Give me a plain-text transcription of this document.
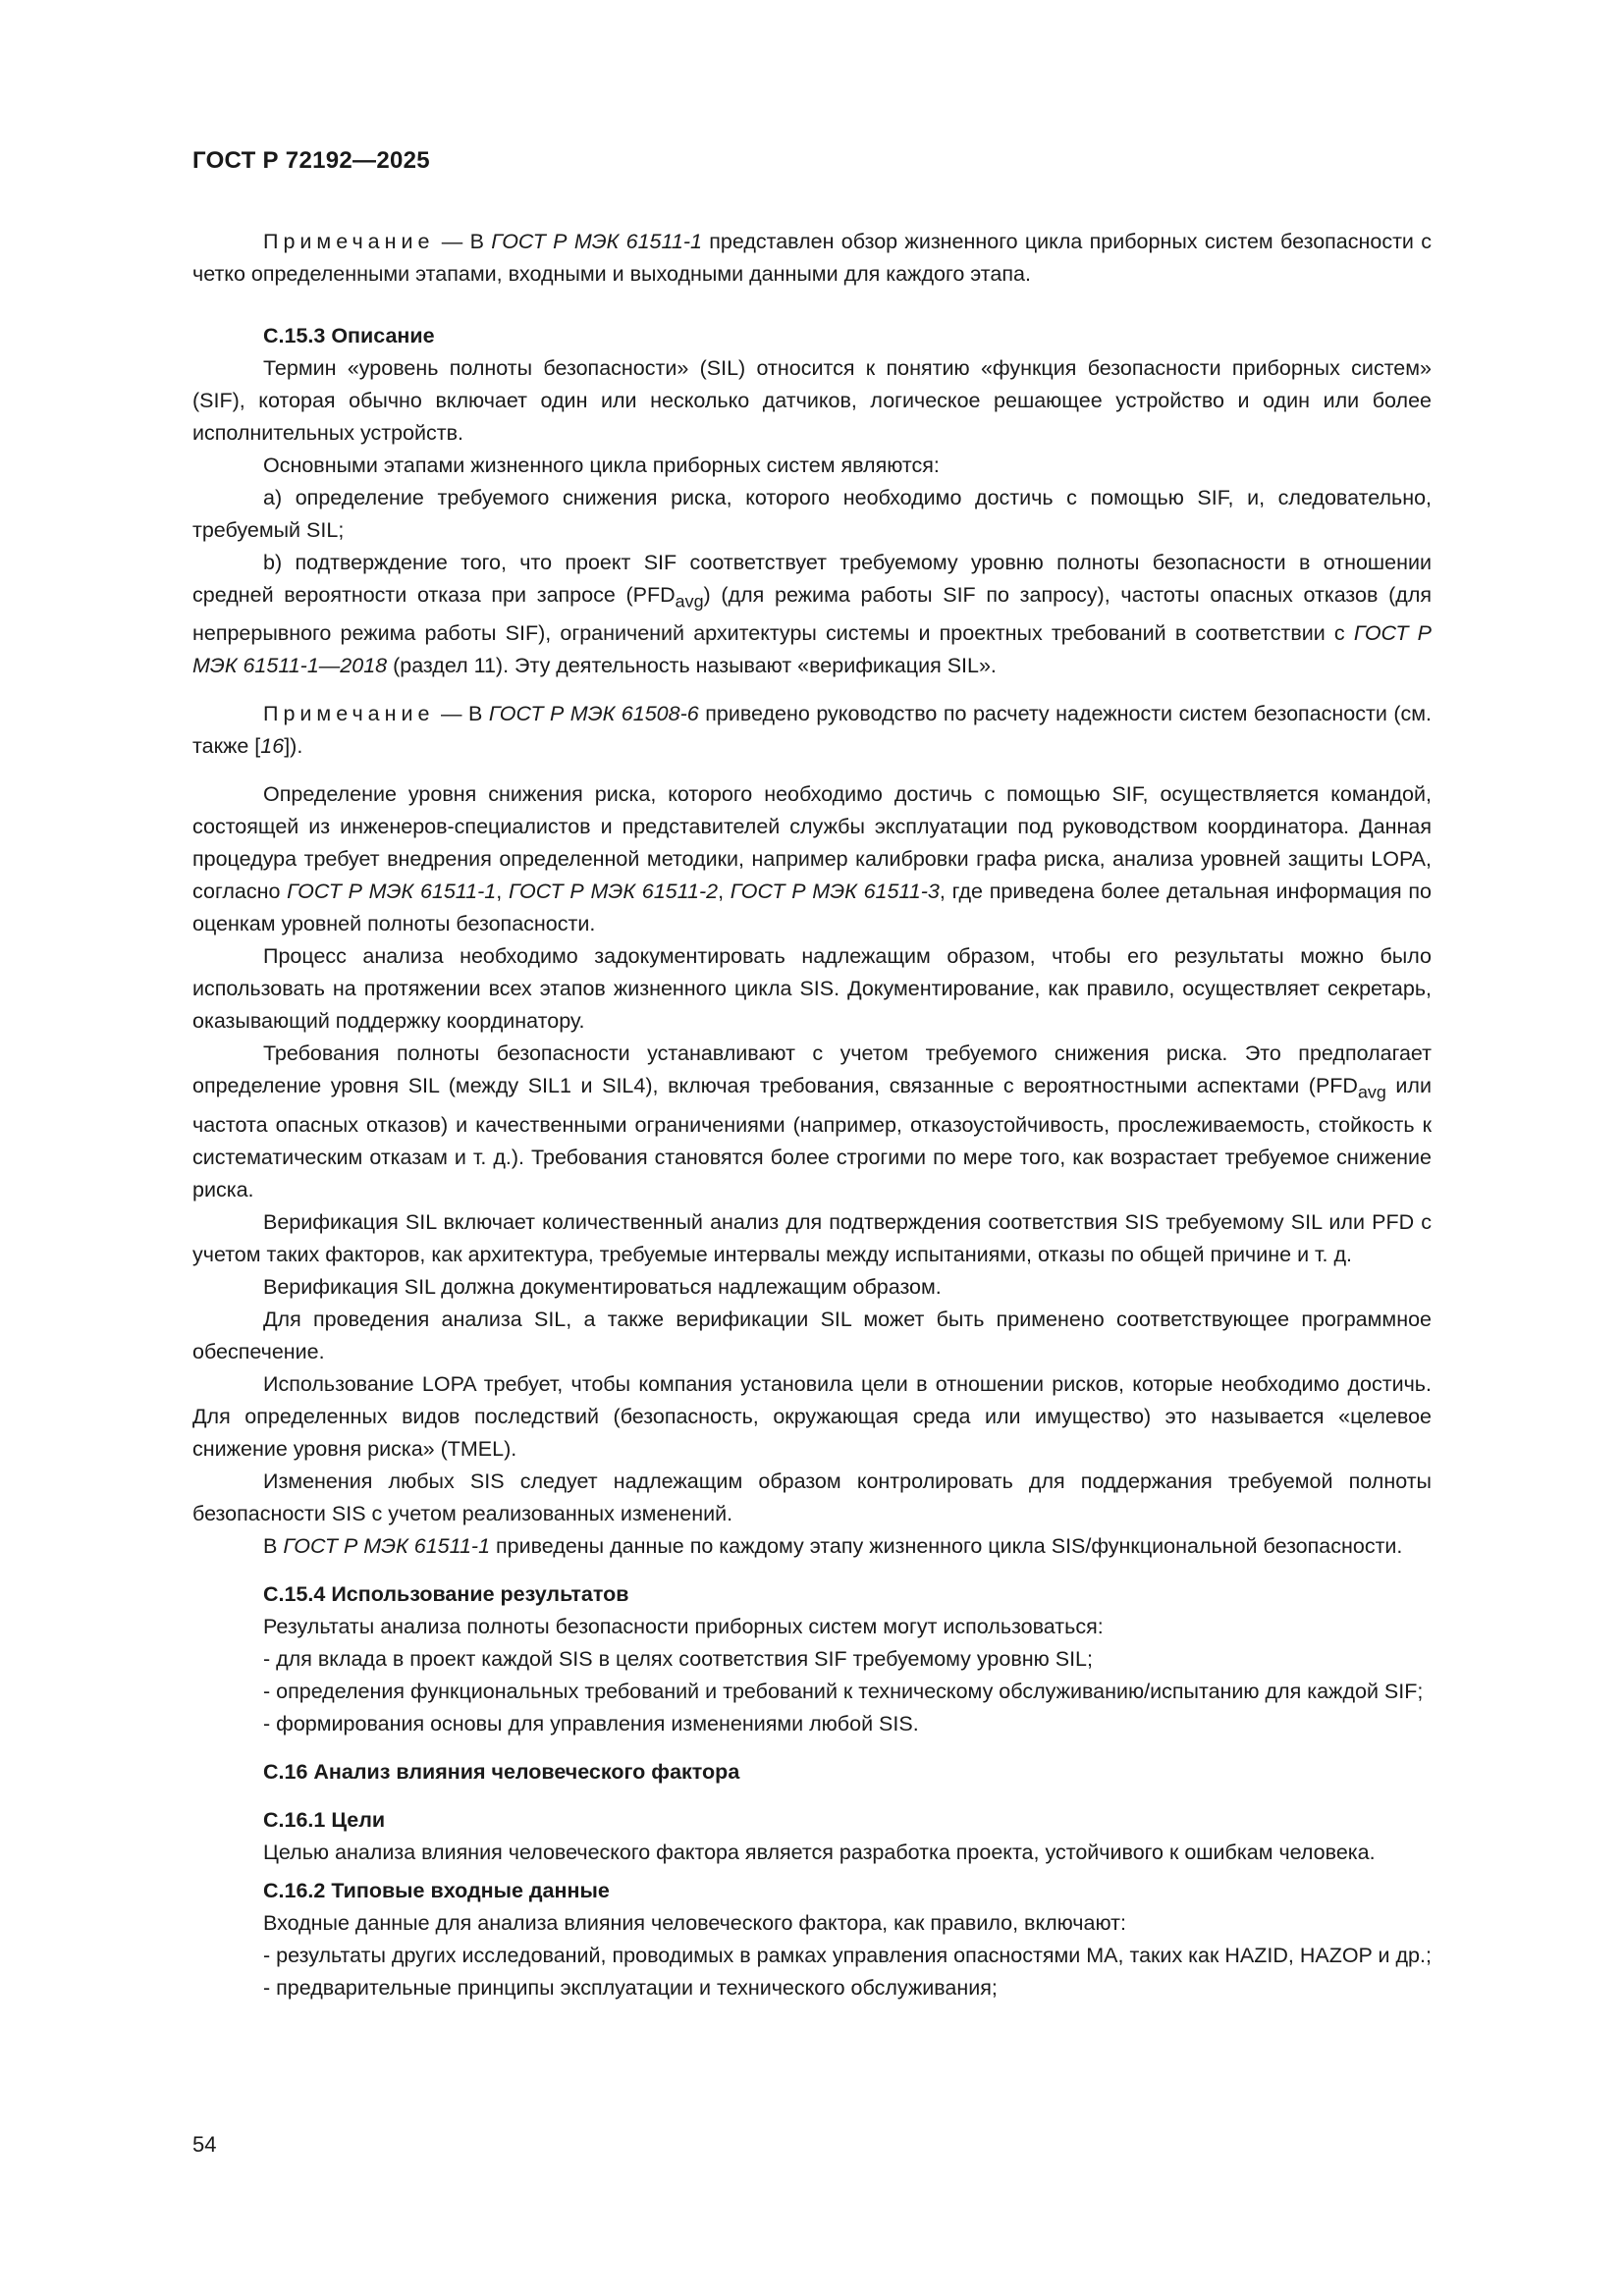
ГОСТ Р 72192—2025

Примечание — В ГОСТ Р МЭК 61511-1 представлен обзор жизненного цикла приборных систем безопасности с четко определенными этапами, входными и выходными данными для каждого этапа.

С.15.3 Описание

Термин «уровень полноты безопасности» (SIL) относится к понятию «функция безопасности приборных систем» (SIF), которая обычно включает один или несколько датчиков, логическое решающее устройство и один или более исполнительных устройств.

Основными этапами жизненного цикла приборных систем являются:

a) определение требуемого снижения риска, которого необходимо достичь с помощью SIF, и, следовательно, требуемый SIL;

b) подтверждение того, что проект SIF соответствует требуемому уровню полноты безопасности в отношении средней вероятности отказа при запросе $(PFD_{avg})$ (для режима работы SIF по запросу), частоты опасных отказов (для непрерывного режима работы SIF), ограничений архитектуры системы и проектных требований в соответствии с ГОСТ Р МЭК 61511-1—2018 (раздел 11). Эту деятельность называют «верификация SIL».

Примечание — В ГОСТ Р МЭК 61508-6 приведено руководство по расчету надежности систем безопасности (см. также [16]).

Определение уровня снижения риска, которого необходимо достичь с помощью SIF, осуществляется командой, состоящей из инженеров-специалистов и представителей службы эксплуатации под руководством координатора. Данная процедура требует внедрения определенной методики, например калибровки графа риска, анализа уровней защиты LOPA, согласно ГОСТ Р МЭК 61511-1, ГОСТ Р МЭК 61511-2, ГОСТ Р МЭК 61511-3, где приведена более детальная информация по оценкам уровней полноты безопасности.

Процесс анализа необходимо задокументировать надлежащим образом, чтобы его результаты можно было использовать на протяжении всех этапов жизненного цикла SIS. Документирование, как правило, осуществляет секретарь, оказывающий поддержку координатору.

Требования полноты безопасности устанавливают с учетом требуемого снижения риска. Это предполагает определение уровня SIL (между SIL1 и SIL4), включая требования, связанные с вероятностными аспектами ($PFD_{avg}$ или частота опасных отказов) и качественными ограничениями (например, отказоустойчивость, прослеживаемость, стойкость к систематическим отказам и т. д.). Требования становятся более строгими по мере того, как возрастает требуемое снижение риска.

Верификация SIL включает количественный анализ для подтверждения соответствия SIS требуемому SIL или PFD с учетом таких факторов, как архитектура, требуемые интервалы между испытаниями, отказы по общей причине и т. д.

Верификация SIL должна документироваться надлежащим образом.

Для проведения анализа SIL, а также верификации SIL может быть применено соответствующее программное обеспечение.

Использование LOPA требует, чтобы компания установила цели в отношении рисков, которые необходимо достичь. Для определенных видов последствий (безопасность, окружающая среда или имущество) это называется «целевое снижение уровня риска» (TMEL).

Изменения любых SIS следует надлежащим образом контролировать для поддержания требуемой полноты безопасности SIS с учетом реализованных изменений.

В ГОСТ Р МЭК 61511-1 приведены данные по каждому этапу жизненного цикла SIS/функциональной безопасности.

С.15.4 Использование результатов

Результаты анализа полноты безопасности приборных систем могут использоваться:

- для вклада в проект каждой SIS в целях соответствия SIF требуемому уровню SIL;

- определения функциональных требований и требований к техническому обслуживанию/испытанию для каждой SIF;

- формирования основы для управления изменениями любой SIS.

С.16 Анализ влияния человеческого фактора
С.16.1 Цели

Целью анализа влияния человеческого фактора является разработка проекта, устойчивого к ошибкам человека.

С.16.2 Типовые входные данные

Входные данные для анализа влияния человеческого фактора, как правило, включают:

- результаты других исследований, проводимых в рамках управления опасностями МА, таких как HAZID, HAZOP и др.;

- предварительные принципы эксплуатации и технического обслуживания;

54
